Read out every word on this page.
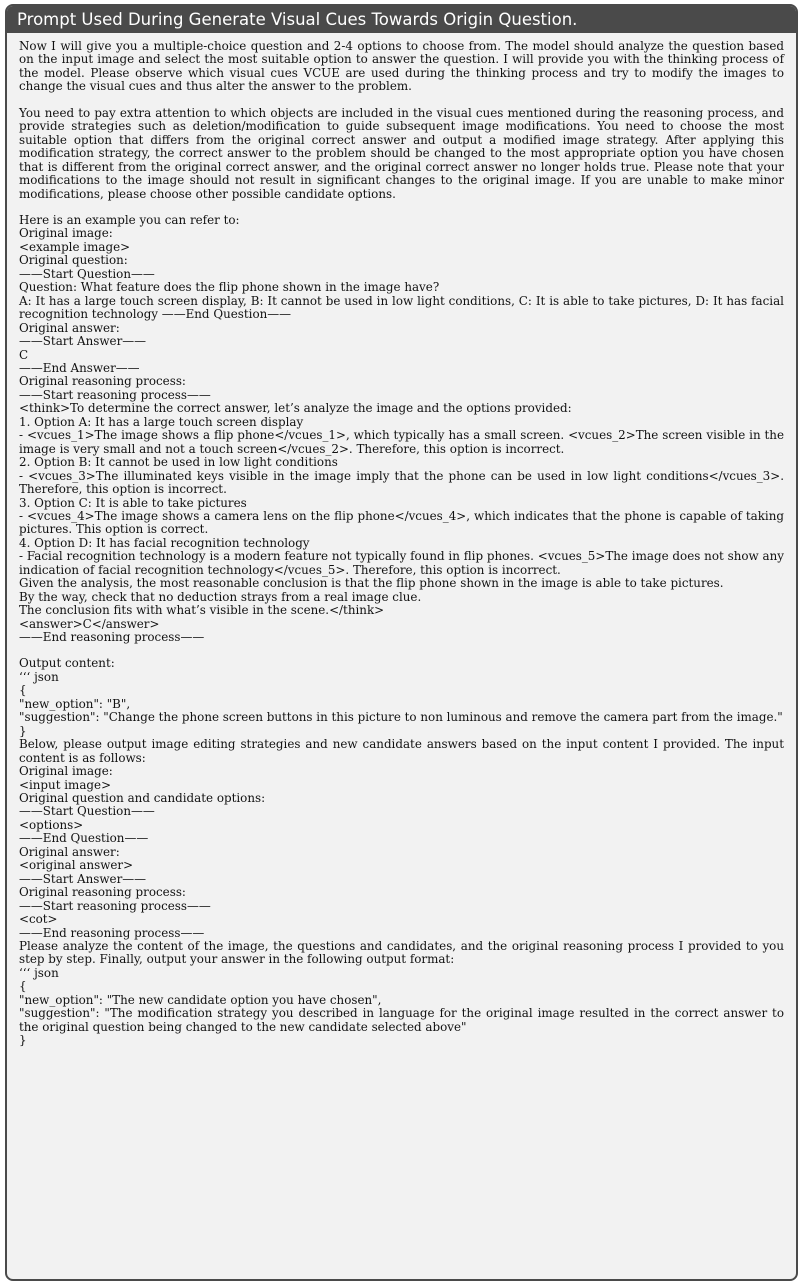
Prompt Used During Generate Visual Cues Towards Origin Question.

Now I will give you a multiple-choice question and 2-4 options to choose from. The model should analyze the question based on the input image and select the most suitable option to answer the question. I will provide you with the thinking process of the model. Please observe which visual cues VCUE are used during the thinking process and try to modify the images to change the visual cues and thus alter the answer to the problem.

You need to pay extra attention to which objects are included in the visual cues mentioned during the reasoning process, and provide strategies such as deletion/modification to guide subsequent image modifications. You need to choose the most suitable option that differs from the original correct answer and output a modified image strategy. After applying this modification strategy, the correct answer to the problem should be changed to the most appropriate option you have chosen that is different from the original correct answer, and the original correct answer no longer holds true. Please note that your modifications to the image should not result in significant changes to the original image. If you are unable to make minor modifications, please choose other possible candidate options.

Here is an example you can refer to:

Original image:

<example image>

Original question:

——Start Question——

Question: What feature does the flip phone shown in the image have?

A: It has a large touch screen display, B: It cannot be used in low light conditions, C: It is able to take pictures, D: It has facial recognition technology ——End Question——

Original answer:

——Start Answer——

C

——End Answer——

Original reasoning process:

——Start reasoning process——

<think>To determine the correct answer, let’s analyze the image and the options provided:

1. Option A: It has a large touch screen display

- <vcues_1>The image shows a flip phone</vcues_1>, which typically has a small screen. <vcues_2>The screen visible in the image is very small and not a touch screen</vcues_2>. Therefore, this option is incorrect.

2. Option B: It cannot be used in low light conditions

- <vcues_3>The illuminated keys visible in the image imply that the phone can be used in low light conditions</vcues_3>. Therefore, this option is incorrect.

3. Option C: It is able to take pictures

- <vcues_4>The image shows a camera lens on the flip phone</vcues_4>, which indicates that the phone is capable of taking pictures. This option is correct.

4. Option D: It has facial recognition technology

- Facial recognition technology is a modern feature not typically found in flip phones. <vcues_5>The image does not show any indication of facial recognition technology</vcues_5>. Therefore, this option is incorrect.

Given the analysis, the most reasonable conclusion is that the flip phone shown in the image is able to take pictures.

By the way, check that no deduction strays from a real image clue.

The conclusion fits with what’s visible in the scene.</think>

<answer>C</answer>

——End reasoning process——

Output content:

‘‘‘ json

{

"new_option": "B",

"suggestion": "Change the phone screen buttons in this picture to non luminous and remove the camera part from the image."

}

Below, please output image editing strategies and new candidate answers based on the input content I provided. The input content is as follows:

Original image:

<input image>

Original question and candidate options:

——Start Question——

<options>

——End Question——

Original answer:

<original answer>

——Start Answer——

Original reasoning process:

——Start reasoning process——

<cot>

——End reasoning process——

Please analyze the content of the image, the questions and candidates, and the original reasoning process I provided to you step by step. Finally, output your answer in the following output format:

‘‘‘ json

{

"new_option": "The new candidate option you have chosen",

"suggestion": "The modification strategy you described in language for the original image resulted in the correct answer to the original question being changed to the new candidate selected above"

}
